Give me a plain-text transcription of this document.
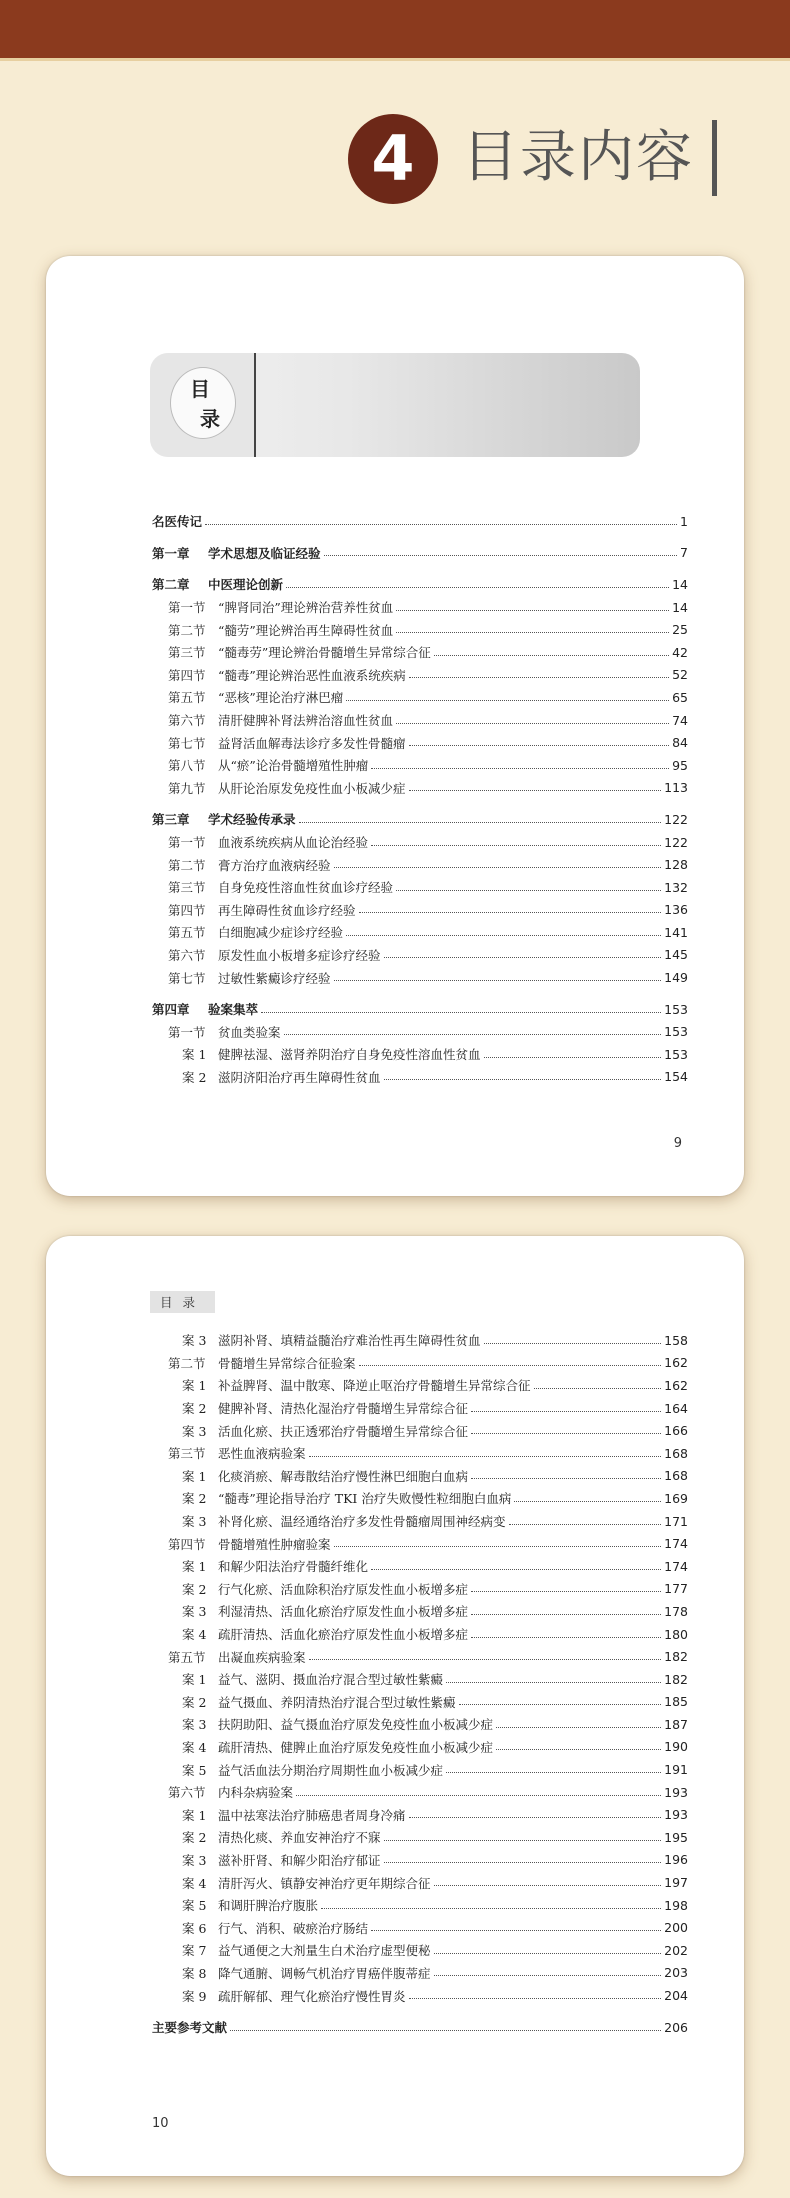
4 目录内容
目
录
名医传记	1
第一章 学术思想及临证经验	7
第二章 中医理论创新	14
第一节 “脾肾同治”理论辨治营养性贫血	14
第二节 “髓劳”理论辨治再生障碍性贫血	25
第三节 “髓毒劳”理论辨治骨髓增生异常综合征	42
第四节 “髓毒”理论辨治恶性血液系统疾病	52
第五节 “恶核”理论治疗淋巴瘤	65
第六节 清肝健脾补肾法辨治溶血性贫血	74
第七节 益肾活血解毒法诊疗多发性骨髓瘤	84
第八节 从“瘀”论治骨髓增殖性肿瘤	95
第九节 从肝论治原发免疫性血小板减少症	113
第三章 学术经验传承录	122
第一节 血液系统疾病从血论治经验	122
第二节 膏方治疗血液病经验	128
第三节 自身免疫性溶血性贫血诊疗经验	132
第四节 再生障碍性贫血诊疗经验	136
第五节 白细胞减少症诊疗经验	141
第六节 原发性血小板增多症诊疗经验	145
第七节 过敏性紫癜诊疗经验	149
第四章 验案集萃	153
第一节 贫血类验案	153
案 1 健脾祛湿、滋肾养阴治疗自身免疫性溶血性贫血	153
案 2 滋阴济阳治疗再生障碍性贫血	154
9
目录
案 3 滋阴补肾、填精益髓治疗难治性再生障碍性贫血	158
第二节 骨髓增生异常综合征验案	162
案 1 补益脾肾、温中散寒、降逆止呕治疗骨髓增生异常综合征	162
案 2 健脾补肾、清热化湿治疗骨髓增生异常综合征	164
案 3 活血化瘀、扶正透邪治疗骨髓增生异常综合征	166
第三节 恶性血液病验案	168
案 1 化痰消瘀、解毒散结治疗慢性淋巴细胞白血病	168
案 2 “髓毒”理论指导治疗 TKI 治疗失败慢性粒细胞白血病	169
案 3 补肾化瘀、温经通络治疗多发性骨髓瘤周围神经病变	171
第四节 骨髓增殖性肿瘤验案	174
案 1 和解少阳法治疗骨髓纤维化	174
案 2 行气化瘀、活血除积治疗原发性血小板增多症	177
案 3 利湿清热、活血化瘀治疗原发性血小板增多症	178
案 4 疏肝清热、活血化瘀治疗原发性血小板增多症	180
第五节 出凝血疾病验案	182
案 1 益气、滋阴、摄血治疗混合型过敏性紫癜	182
案 2 益气摄血、养阴清热治疗混合型过敏性紫癜	185
案 3 扶阴助阳、益气摄血治疗原发免疫性血小板减少症	187
案 4 疏肝清热、健脾止血治疗原发免疫性血小板减少症	190
案 5 益气活血法分期治疗周期性血小板减少症	191
第六节 内科杂病验案	193
案 1 温中祛寒法治疗肺癌患者周身冷痛	193
案 2 清热化痰、养血安神治疗不寐	195
案 3 滋补肝肾、和解少阳治疗郁证	196
案 4 清肝泻火、镇静安神治疗更年期综合征	197
案 5 和调肝脾治疗腹胀	198
案 6 行气、消积、破瘀治疗肠结	200
案 7 益气通便之大剂量生白术治疗虚型便秘	202
案 8 降气通腑、调畅气机治疗胃癌伴腹蒂症	203
案 9 疏肝解郁、理气化瘀治疗慢性胃炎	204
主要参考文献	206
10
